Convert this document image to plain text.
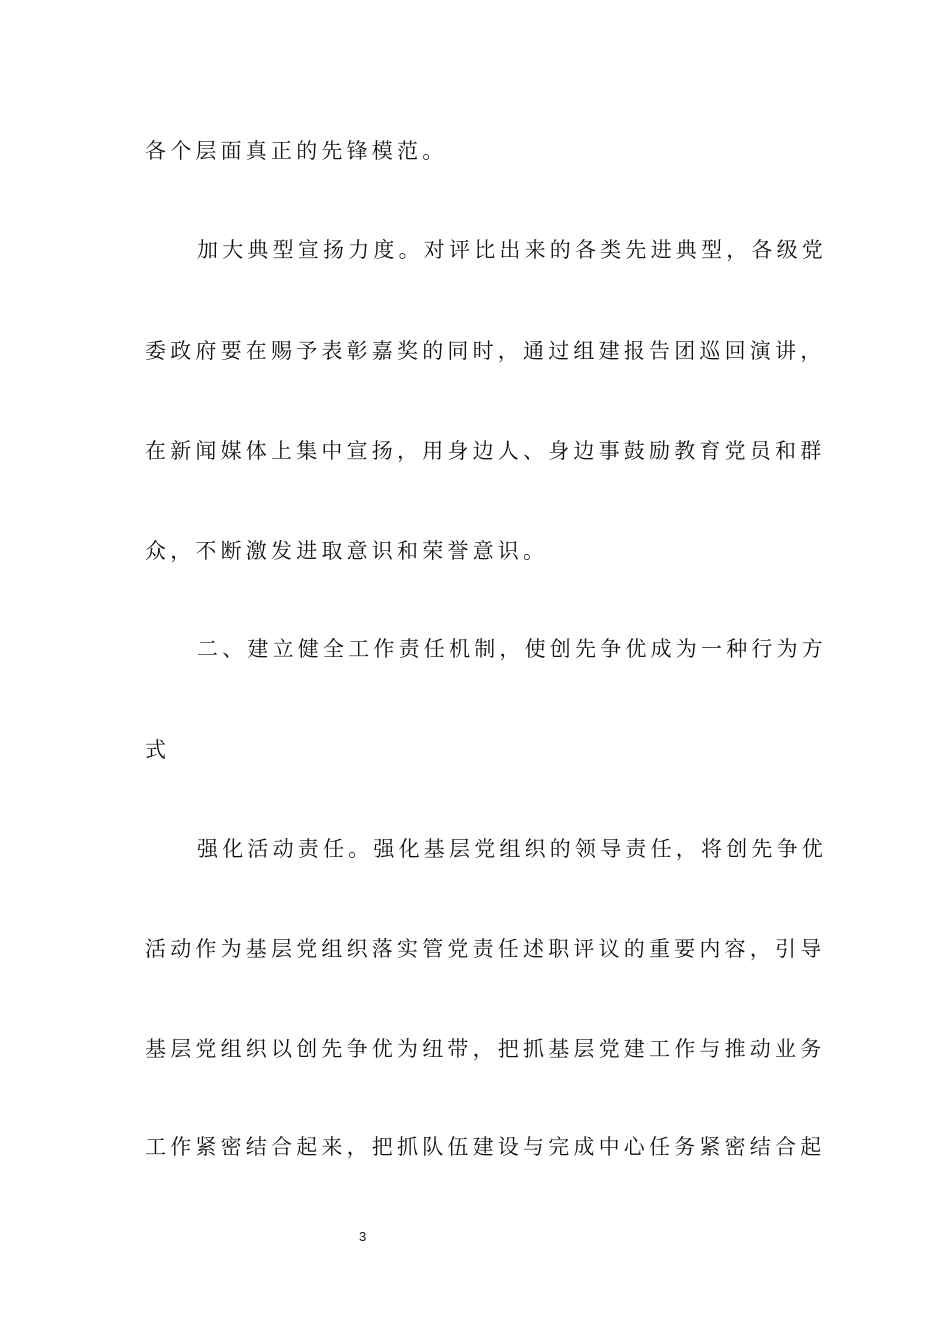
各个层面真正的先锋模范。
加大典型宣扬力度。对评比出来的各类先进典型，各级党
委政府要在赐予表彰嘉奖的同时，通过组建报告团巡回演讲，
在新闻媒体上集中宣扬，用身边人、身边事鼓励教育党员和群
众，不断激发进取意识和荣誉意识。
二、建立健全工作责任机制，使创先争优成为一种行为方
式
强化活动责任。强化基层党组织的领导责任，将创先争优
活动作为基层党组织落实管党责任述职评议的重要内容，引导
基层党组织以创先争优为纽带，把抓基层党建工作与推动业务
工作紧密结合起来，把抓队伍建设与完成中心任务紧密结合起
3
